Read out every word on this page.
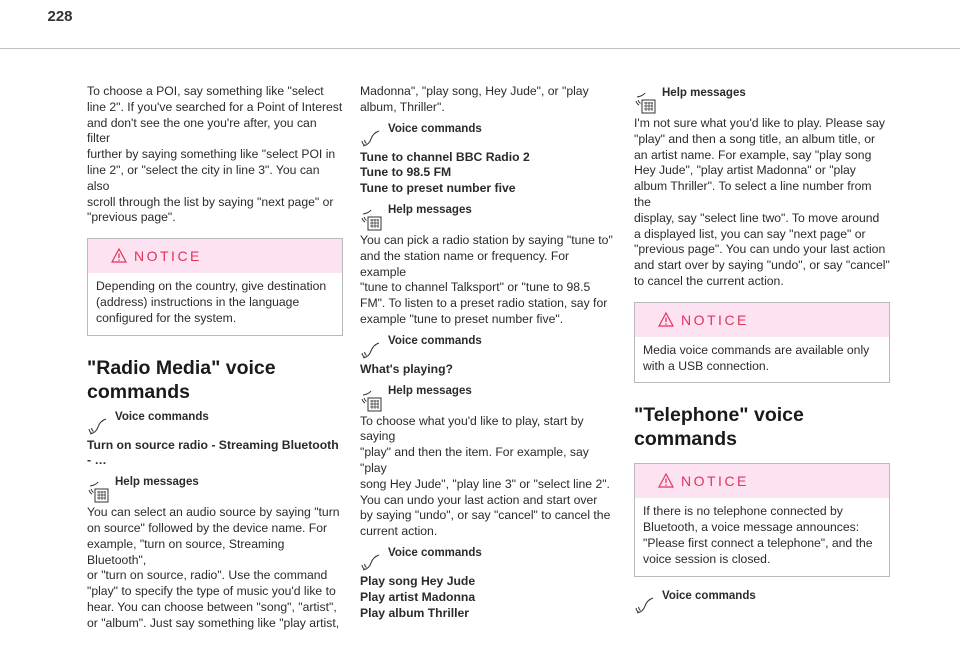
228

To choose a POI, say something like "select
line 2". If you've searched for a Point of Interest
and don't see the one you're after, you can filter
further by saying something like "select POI in
line 2", or "select the city in line 3". You can also
scroll through the list by saying "next page" or
"previous page".

NOTICE

Depending on the country, give destination
(address) instructions in the language
configured for the system.

"Radio Media" voice
commands
Voice commands

Turn on source radio - Streaming Bluetooth
- …

Help messages

You can select an audio source by saying "turn
on source" followed by the device name. For
example, "turn on source, Streaming Bluetooth",
or "turn on source, radio". Use the command
"play" to specify the type of music you'd like to
hear. You can choose between "song", "artist",
or "album". Just say something like "play artist,

Madonna", "play song, Hey Jude", or "play
album, Thriller".

Voice commands

Tune to channel BBC Radio 2
Tune to 98.5 FM
Tune to preset number five

Help messages

You can pick a radio station by saying "tune to"
and the station name or frequency. For example
"tune to channel Talksport" or "tune to 98.5
FM". To listen to a preset radio station, say for
example "tune to preset number five".

Voice commands

What's playing?

Help messages

To choose what you'd like to play, start by saying
"play" and then the item. For example, say "play
song Hey Jude", "play line 3" or "select line 2".
You can undo your last action and start over
by saying "undo", or say "cancel" to cancel the
current action.

Voice commands

Play song Hey Jude
Play artist Madonna
Play album Thriller

Help messages

I'm not sure what you'd like to play. Please say
"play" and then a song title, an album title, or
an artist name. For example, say "play song
Hey Jude", "play artist Madonna" or "play
album Thriller". To select a line number from the
display, say "select line two". To move around
a displayed list, you can say "next page" or
"previous page". You can undo your last action
and start over by saying "undo", or say "cancel"
to cancel the current action.

NOTICE

Media voice commands are available only
with a USB connection.

"Telephone" voice
commands
NOTICE

If there is no telephone connected by
Bluetooth, a voice message announces:
"Please first connect a telephone", and the
voice session is closed.

Voice commands
